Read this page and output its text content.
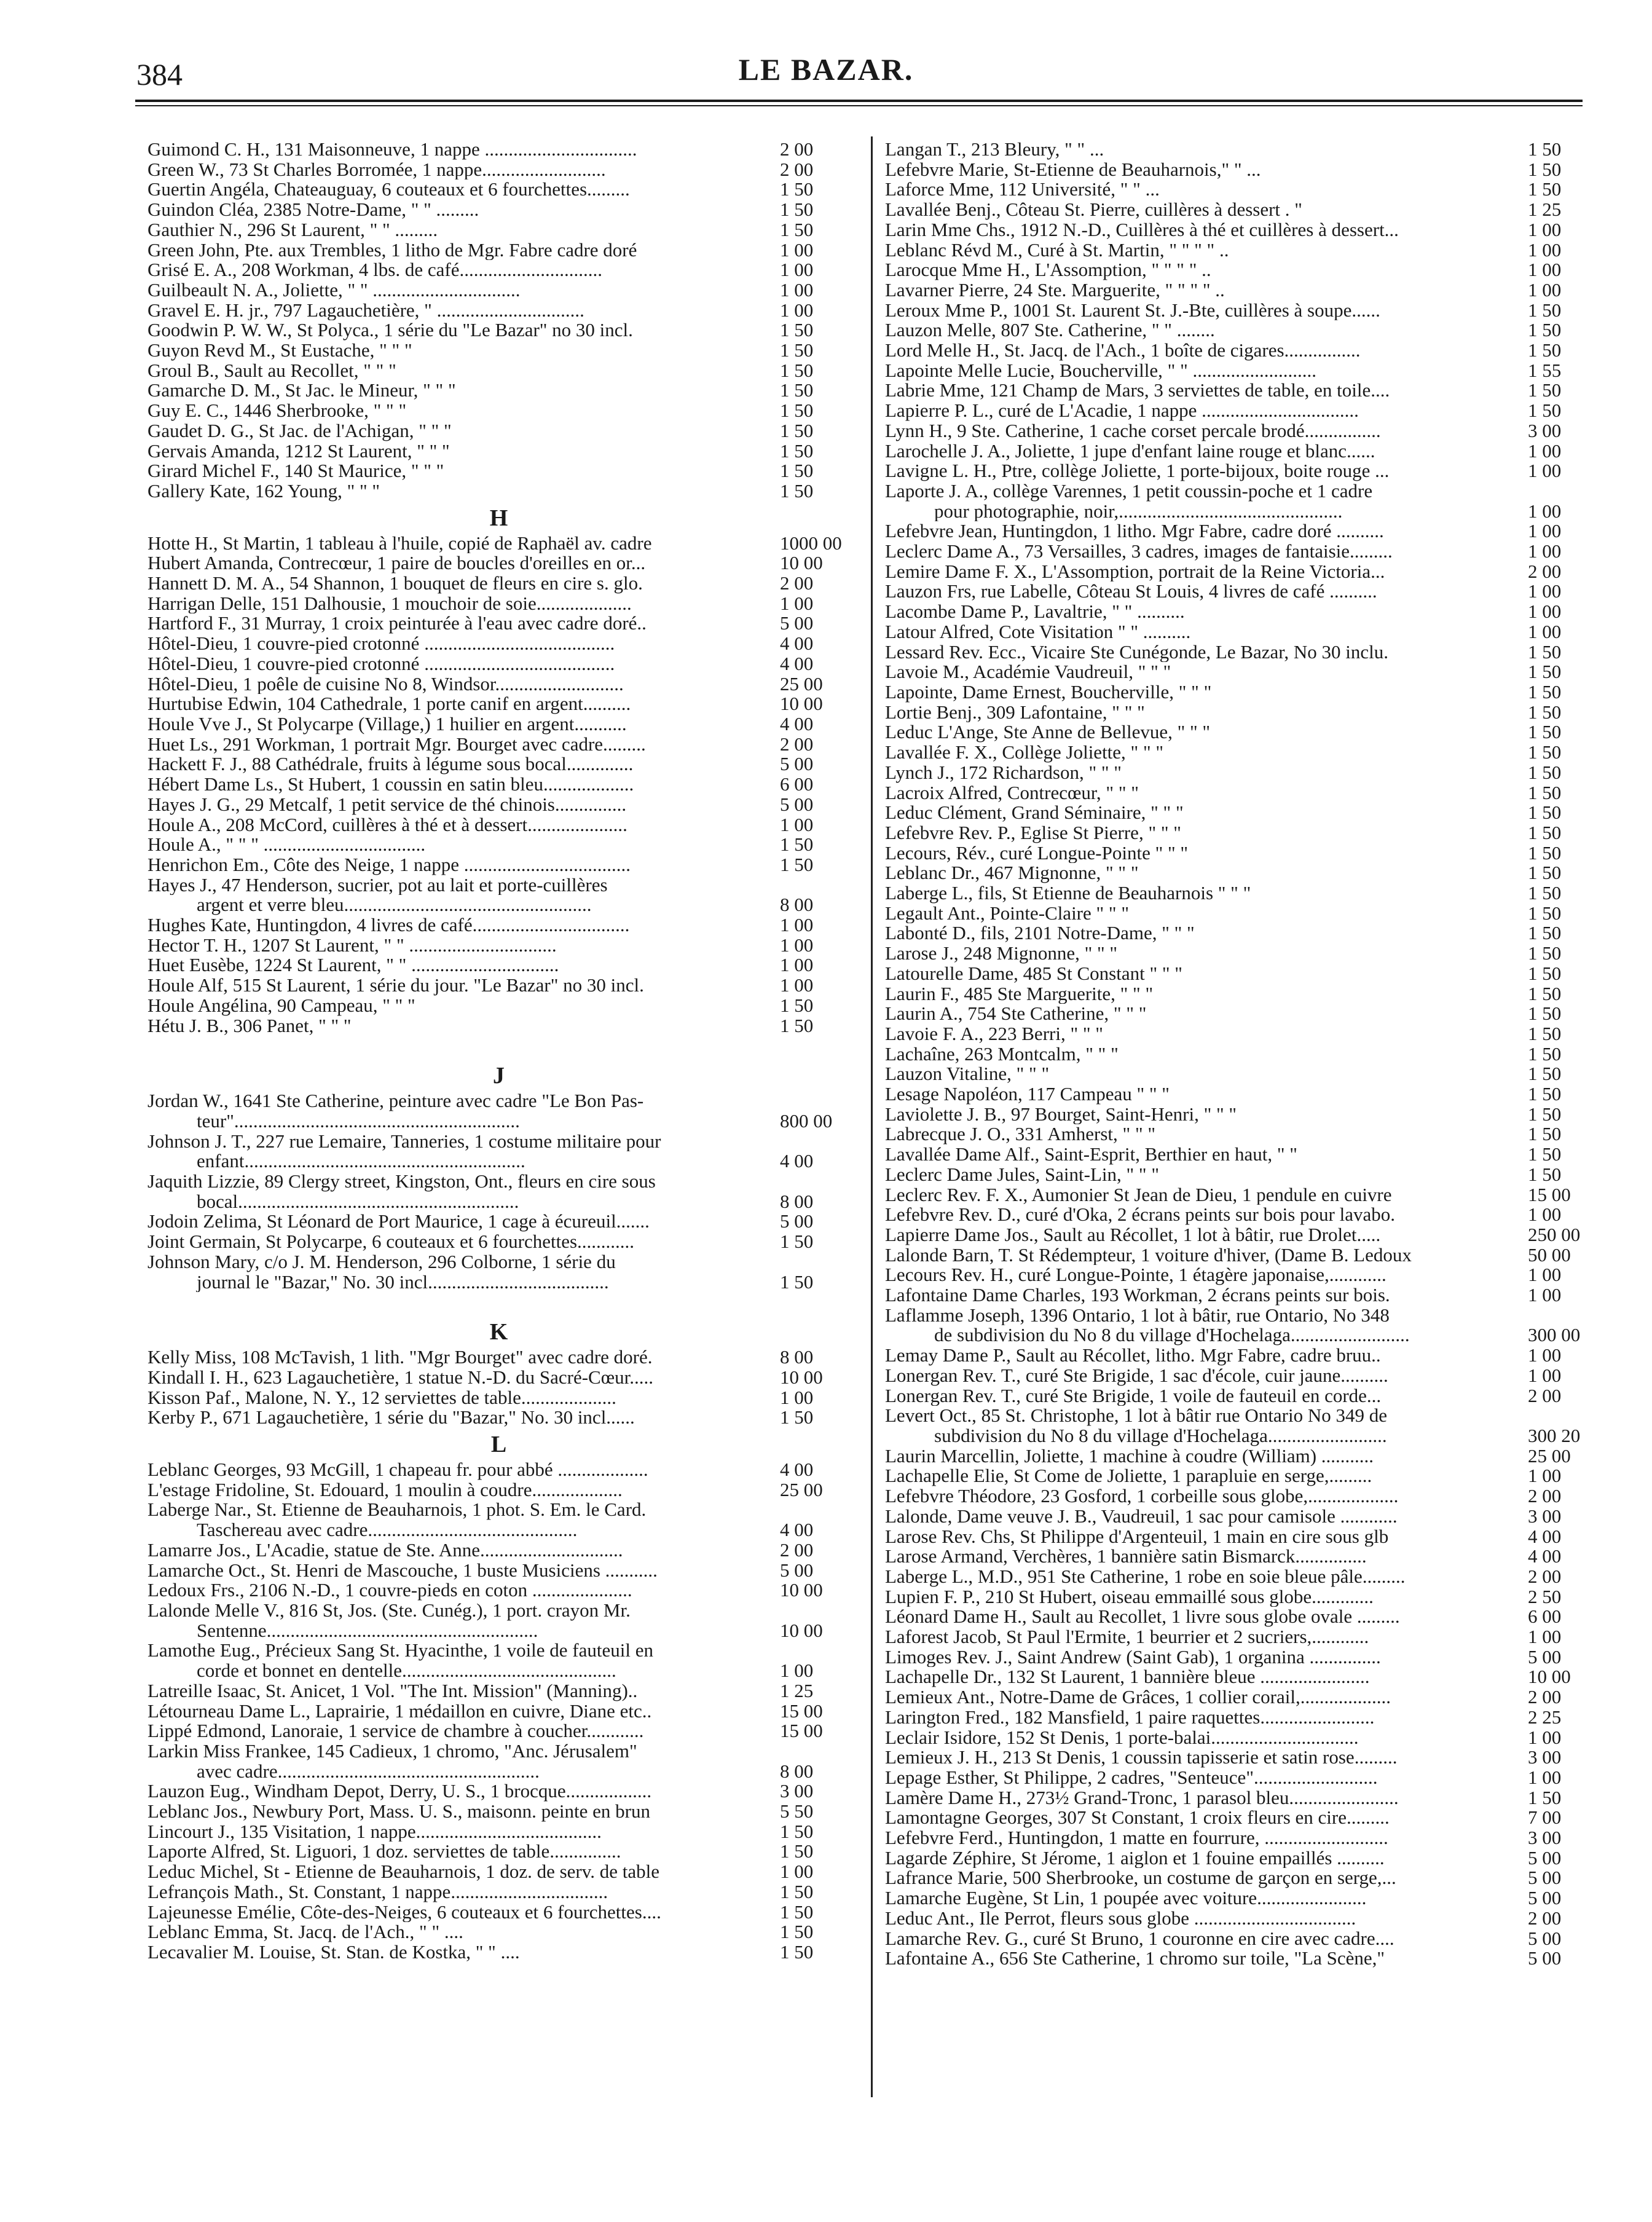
384	LE BAZAR.
Guimond C. H., 131 Maisonneuve, 1 nappe ................................	2 00
Green W., 73 St Charles Borromée, 1 nappe..........................	2 00
Guertin Angéla, Chateauguay, 6 couteaux et 6 fourchettes.........	1 50
Guindon Cléa, 2385 Notre-Dame, " " .........	1 50
Gauthier N., 296 St Laurent, " " .........	1 50
Green John, Pte. aux Trembles, 1 litho de Mgr. Fabre cadre doré	1 00
Grisé E. A., 208 Workman, 4 lbs. de café..............................	1 00
Guilbeault N. A., Joliette, " " ...............................	1 00
Gravel E. H. jr., 797 Lagauchetière, " ...............................	1 00
Goodwin P. W. W., St Polyca., 1 série du "Le Bazar" no 30 incl.	1 50
Guyon Revd M., St Eustache, " " "	1 50
Groul B., Sault au Recollet, " " "	1 50
Gamarche D. M., St Jac. le Mineur, " " "	1 50
Guy E. C., 1446 Sherbrooke, " " "	1 50
Gaudet D. G., St Jac. de l'Achigan, " " "	1 50
Gervais Amanda, 1212 St Laurent, " " "	1 50
Girard Michel F., 140 St Maurice, " " "	1 50
Gallery Kate, 162 Young, " " "	1 50
H
Hotte H., St Martin, 1 tableau à l'huile, copié de Raphaël av. cadre	1000 00
Hubert Amanda, Contrecœur, 1 paire de boucles d'oreilles en or...	10 00
Hannett D. M. A., 54 Shannon, 1 bouquet de fleurs en cire s. glo.	2 00
Harrigan Delle, 151 Dalhousie, 1 mouchoir de soie....................	1 00
Hartford F., 31 Murray, 1 croix peinturée à l'eau avec cadre doré..	5 00
Hôtel-Dieu, 1 couvre-pied crotonné ........................................	4 00
Hôtel-Dieu, 1 couvre-pied crotonné ........................................	4 00
Hôtel-Dieu, 1 poêle de cuisine No 8, Windsor...........................	25 00
Hurtubise Edwin, 104 Cathedrale, 1 porte canif en argent..........	10 00
Houle Vve J., St Polycarpe (Village,) 1 huilier en argent...........	4 00
Huet Ls., 291 Workman, 1 portrait Mgr. Bourget avec cadre.........	2 00
Hackett F. J., 88 Cathédrale, fruits à légume sous bocal..............	5 00
Hébert Dame Ls., St Hubert, 1 coussin en satin bleu...................	6 00
Hayes J. G., 29 Metcalf, 1 petit service de thé chinois...............	5 00
Houle A., 208 McCord, cuillères à thé et à dessert.....................	1 00
Houle A., " " " ..................................	1 50
Henrichon Em., Côte des Neige, 1 nappe ...................................	1 50
Hayes J., 47 Henderson, sucrier, pot au lait et porte-cuillères
argent et verre bleu....................................................	8 00
Hughes Kate, Huntingdon, 4 livres de café.................................	1 00
Hector T. H., 1207 St Laurent, " " ...............................	1 00
Huet Eusèbe, 1224 St Laurent, " " ...............................	1 00
Houle Alf, 515 St Laurent, 1 série du jour. "Le Bazar" no 30 incl.	1 00
Houle Angélina, 90 Campeau, " " "	1 50
Hétu J. B., 306 Panet, " " "	1 50
J
Jordan W., 1641 Ste Catherine, peinture avec cadre "Le Bon Pas-
teur"............................................................	800 00
Johnson J. T., 227 rue Lemaire, Tanneries, 1 costume militaire pour
enfant...........................................................	4 00
Jaquith Lizzie, 89 Clergy street, Kingston, Ont., fleurs en cire sous
bocal...........................................................	8 00
Jodoin Zelima, St Léonard de Port Maurice, 1 cage à écureuil.......	5 00
Joint Germain, St Polycarpe, 6 couteaux et 6 fourchettes............	1 50
Johnson Mary, c/o J. M. Henderson, 296 Colborne, 1 série du
journal le "Bazar," No. 30 incl......................................	1 50
K
Kelly Miss, 108 McTavish, 1 lith. "Mgr Bourget" avec cadre doré.	8 00
Kindall I. H., 623 Lagauchetière, 1 statue N.-D. du Sacré-Cœur.....	10 00
Kisson Paf., Malone, N. Y., 12 serviettes de table....................	1 00
Kerby P., 671 Lagauchetière, 1 série du "Bazar," No. 30 incl......	1 50
L
Leblanc Georges, 93 McGill, 1 chapeau fr. pour abbé ...................	4 00
L'estage Fridoline, St. Edouard, 1 moulin à coudre...................	25 00
Laberge Nar., St. Etienne de Beauharnois, 1 phot. S. Em. le Card.
Taschereau avec cadre............................................	4 00
Lamarre Jos., L'Acadie, statue de Ste. Anne..............................	2 00
Lamarche Oct., St. Henri de Mascouche, 1 buste Musiciens ...........	5 00
Ledoux Frs., 2106 N.-D., 1 couvre-pieds en coton .....................	10 00
Lalonde Melle V., 816 St, Jos. (Ste. Cunég.), 1 port. crayon Mr.
Sentenne.........................................................	10 00
Lamothe Eug., Précieux Sang St. Hyacinthe, 1 voile de fauteuil en
corde et bonnet en dentelle.............................................	1 00
Latreille Isaac, St. Anicet, 1 Vol. "The Int. Mission" (Manning)..	1 25
Létourneau Dame L., Laprairie, 1 médaillon en cuivre, Diane etc..	15 00
Lippé Edmond, Lanoraie, 1 service de chambre à coucher............	15 00
Larkin Miss Frankee, 145 Cadieux, 1 chromo, "Anc. Jérusalem"
avec cadre.......................................................	8 00
Lauzon Eug., Windham Depot, Derry, U. S., 1 brocque..................	3 00
Leblanc Jos., Newbury Port, Mass. U. S., maisonn. peinte en brun	5 50
Lincourt J., 135 Visitation, 1 nappe.......................................	1 50
Laporte Alfred, St. Liguori, 1 doz. serviettes de table...............	1 50
Leduc Michel, St - Etienne de Beauharnois, 1 doz. de serv. de table	1 00
Lefrançois Math., St. Constant, 1 nappe.................................	1 50
Lajeunesse Emélie, Côte-des-Neiges, 6 couteaux et 6 fourchettes....	1 50
Leblanc Emma, St. Jacq. de l'Ach., " " ....	1 50
Lecavalier M. Louise, St. Stan. de Kostka, " " ....	1 50
Langan T., 213 Bleury, " " ...	1 50
Lefebvre Marie, St-Etienne de Beauharnois," " ...	1 50
Laforce Mme, 112 Université, " " ...	1 50
Lavallée Benj., Côteau St. Pierre, cuillères à dessert . "	1 25
Larin Mme Chs., 1912 N.-D., Cuillères à thé et cuillères à dessert...	1 00
Leblanc Révd M., Curé à St. Martin, " " " " ..	1 00
Larocque Mme H., L'Assomption, " " " " ..	1 00
Lavarner Pierre, 24 Ste. Marguerite, " " " " ..	1 00
Leroux Mme P., 1001 St. Laurent St. J.-Bte, cuillères à soupe......	1 50
Lauzon Melle, 807 Ste. Catherine, " " ........	1 50
Lord Melle H., St. Jacq. de l'Ach., 1 boîte de cigares................	1 50
Lapointe Melle Lucie, Boucherville, " " ..........................	1 55
Labrie Mme, 121 Champ de Mars, 3 serviettes de table, en toile....	1 50
Lapierre P. L., curé de L'Acadie, 1 nappe .................................	1 50
Lynn H., 9 Ste. Catherine, 1 cache corset percale brodé................	3 00
Larochelle J. A., Joliette, 1 jupe d'enfant laine rouge et blanc......	1 00
Lavigne L. H., Ptre, collège Joliette, 1 porte-bijoux, boite rouge ...	1 00
Laporte J. A., collège Varennes, 1 petit coussin-poche et 1 cadre
pour photographie, noir,...............................................	1 00
Lefebvre Jean, Huntingdon, 1 litho. Mgr Fabre, cadre doré ..........	1 00
Leclerc Dame A., 73 Versailles, 3 cadres, images de fantaisie.........	1 00
Lemire Dame F. X., L'Assomption, portrait de la Reine Victoria...	2 00
Lauzon Frs, rue Labelle, Côteau St Louis, 4 livres de café ..........	1 00
Lacombe Dame P., Lavaltrie, " " ..........	1 00
Latour Alfred, Cote Visitation " " ..........	1 00
Lessard Rev. Ecc., Vicaire Ste Cunégonde, Le Bazar, No 30 inclu.	1 50
Lavoie M., Académie Vaudreuil, " " "	1 50
Lapointe, Dame Ernest, Boucherville, " " "	1 50
Lortie Benj., 309 Lafontaine, " " "	1 50
Leduc L'Ange, Ste Anne de Bellevue, " " "	1 50
Lavallée F. X., Collège Joliette, " " "	1 50
Lynch J., 172 Richardson, " " "	1 50
Lacroix Alfred, Contrecœur, " " "	1 50
Leduc Clément, Grand Séminaire, " " "	1 50
Lefebvre Rev. P., Eglise St Pierre, " " "	1 50
Lecours, Rév., curé Longue-Pointe " " "	1 50
Leblanc Dr., 467 Mignonne, " " "	1 50
Laberge L., fils, St Etienne de Beauharnois " " "	1 50
Legault Ant., Pointe-Claire " " "	1 50
Labonté D., fils, 2101 Notre-Dame, " " "	1 50
Larose J., 248 Mignonne, " " "	1 50
Latourelle Dame, 485 St Constant " " "	1 50
Laurin F., 485 Ste Marguerite, " " "	1 50
Laurin A., 754 Ste Catherine, " " "	1 50
Lavoie F. A., 223 Berri, " " "	1 50
Lachaîne, 263 Montcalm, " " "	1 50
Lauzon Vitaline, " " "	1 50
Lesage Napoléon, 117 Campeau " " "	1 50
Laviolette J. B., 97 Bourget, Saint-Henri, " " "	1 50
Labrecque J. O., 331 Amherst, " " "	1 50
Lavallée Dame Alf., Saint-Esprit, Berthier en haut, " "	1 50
Leclerc Dame Jules, Saint-Lin, " " "	1 50
Leclerc Rev. F. X., Aumonier St Jean de Dieu, 1 pendule en cuivre	15 00
Lefebvre Rev. D., curé d'Oka, 2 écrans peints sur bois pour lavabo.	1 00
Lapierre Dame Jos., Sault au Récollet, 1 lot à bâtir, rue Drolet.....	250 00
Lalonde Barn, T. St Rédempteur, 1 voiture d'hiver, (Dame B. Ledoux	50 00
Lecours Rev. H., curé Longue-Pointe, 1 étagère japonaise,............	1 00
Lafontaine Dame Charles, 193 Workman, 2 écrans peints sur bois.	1 00
Laflamme Joseph, 1396 Ontario, 1 lot à bâtir, rue Ontario, No 348
de subdivision du No 8 du village d'Hochelaga.........................	300 00
Lemay Dame P., Sault au Récollet, litho. Mgr Fabre, cadre bruu..	1 00
Lonergan Rev. T., curé Ste Brigide, 1 sac d'école, cuir jaune..........	1 00
Lonergan Rev. T., curé Ste Brigide, 1 voile de fauteuil en corde...	2 00
Levert Oct., 85 St. Christophe, 1 lot à bâtir rue Ontario No 349 de
subdivision du No 8 du village d'Hochelaga.........................	300 20
Laurin Marcellin, Joliette, 1 machine à coudre (William) ...........	25 00
Lachapelle Elie, St Come de Joliette, 1 parapluie en serge,.........	1 00
Lefebvre Théodore, 23 Gosford, 1 corbeille sous globe,...................	2 00
Lalonde, Dame veuve J. B., Vaudreuil, 1 sac pour camisole ............	3 00
Larose Rev. Chs, St Philippe d'Argenteuil, 1 main en cire sous glb	4 00
Larose Armand, Verchères, 1 bannière satin Bismarck...............	4 00
Laberge L., M.D., 951 Ste Catherine, 1 robe en soie bleue pâle.........	2 00
Lupien F. P., 210 St Hubert, oiseau emmaillé sous globe.............	2 50
Léonard Dame H., Sault au Recollet, 1 livre sous globe ovale .........	6 00
Laforest Jacob, St Paul l'Ermite, 1 beurrier et 2 sucriers,............	1 00
Limoges Rev. J., Saint Andrew (Saint Gab), 1 organina ...............	5 00
Lachapelle Dr., 132 St Laurent, 1 bannière bleue .......................	10 00
Lemieux Ant., Notre-Dame de Grâces, 1 collier corail,...................	2 00
Larington Fred., 182 Mansfield, 1 paire raquettes........................	2 25
Leclair Isidore, 152 St Denis, 1 porte-balai...............................	1 00
Lemieux J. H., 213 St Denis, 1 coussin tapisserie et satin rose.........	3 00
Lepage Esther, St Philippe, 2 cadres, "Senteuce"..........................	1 00
Lamère Dame H., 273½ Grand-Tronc, 1 parasol bleu.......................	1 50
Lamontagne Georges, 307 St Constant, 1 croix fleurs en cire.........	7 00
Lefebvre Ferd., Huntingdon, 1 matte en fourrure, ..........................	3 00
Lagarde Zéphire, St Jérome, 1 aiglon et 1 fouine empaillés ..........	5 00
Lafrance Marie, 500 Sherbrooke, un costume de garçon en serge,...	5 00
Lamarche Eugène, St Lin, 1 poupée avec voiture.......................	5 00
Leduc Ant., Ile Perrot, fleurs sous globe ..................................	2 00
Lamarche Rev. G., curé St Bruno, 1 couronne en cire avec cadre....	5 00
Lafontaine A., 656 Ste Catherine, 1 chromo sur toile, "La Scène,"	5 00
